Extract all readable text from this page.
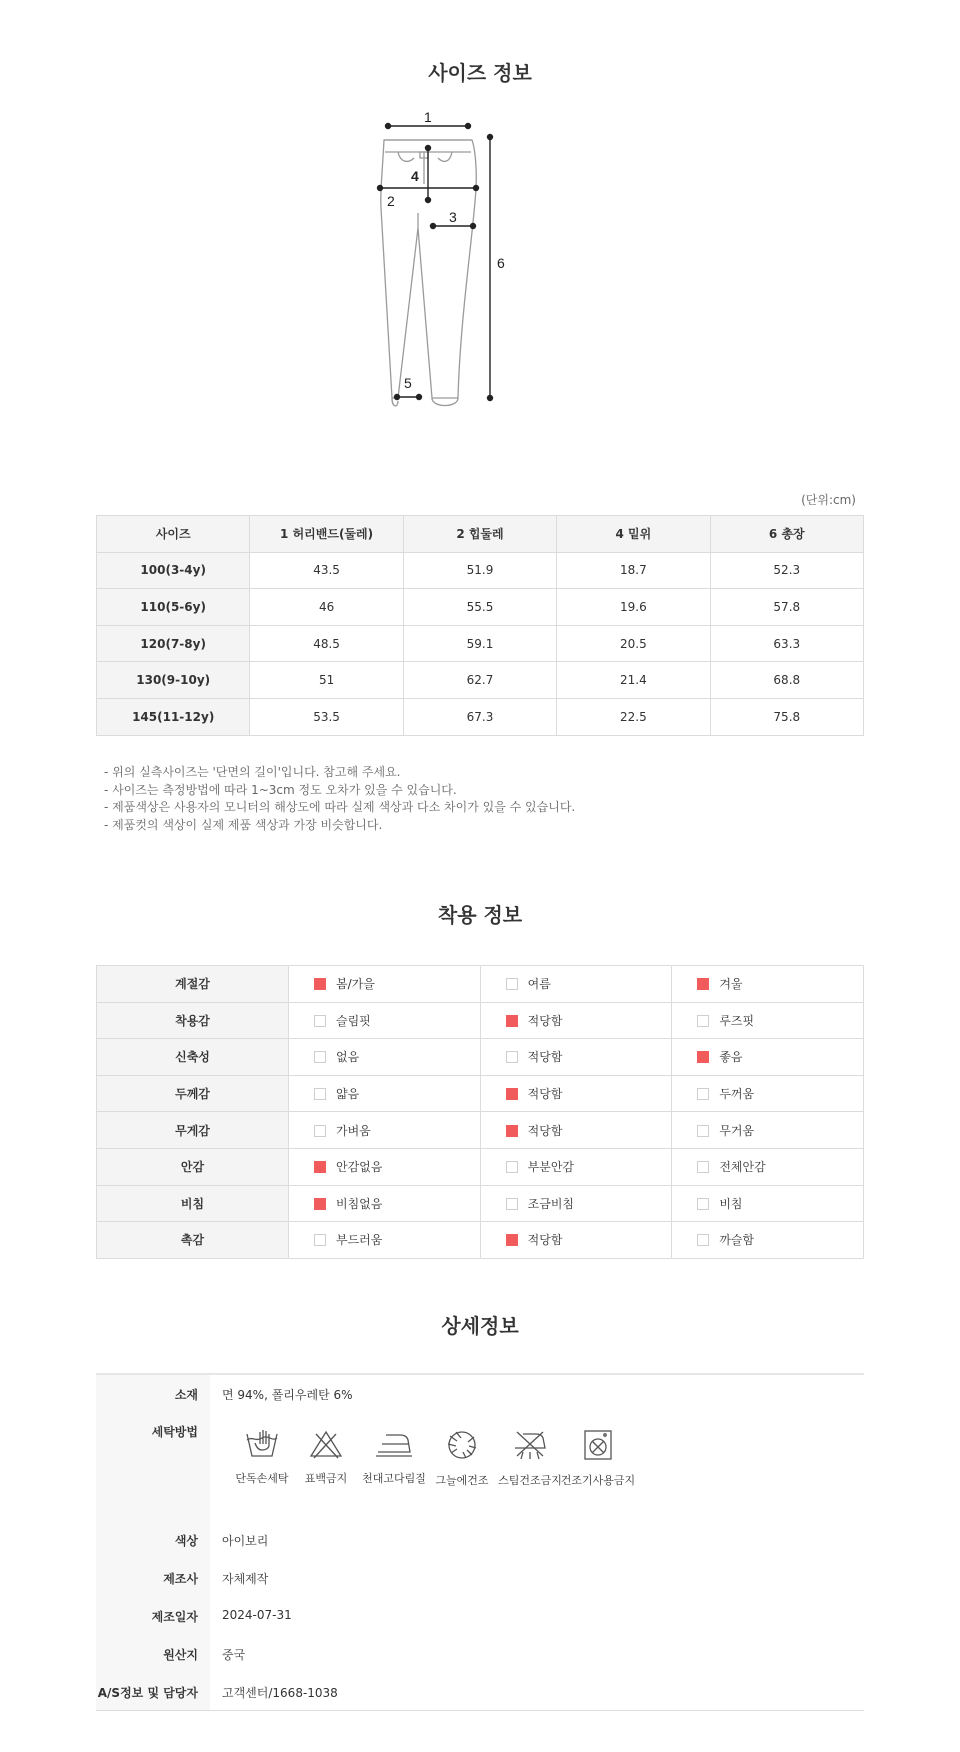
사이즈 정보
1
2
3
4
5
6
(단위:cm)
사이즈	1 허리밴드(둘레)	2 힙둘레	4 밑위	6 총장
100(3-4y)	43.5	51.9	18.7	52.3
110(5-6y)	46	55.5	19.6	57.8
120(7-8y)	48.5	59.1	20.5	63.3
130(9-10y)	51	62.7	21.4	68.8
145(11-12y)	53.5	67.3	22.5	75.8
- 위의 실측사이즈는 '단면의 길이'입니다. 참고해 주세요.
- 사이즈는 측정방법에 따라 1~3cm 정도 오차가 있을 수 있습니다.
- 제품색상은 사용자의 모니터의 해상도에 따라 실제 색상과 다소 차이가 있을 수 있습니다.
- 제품컷의 색상이 실제 제품 색상과 가장 비슷합니다.
착용 정보
계절감	봄/가을	여름	겨울
착용감	슬림핏	적당함	루즈핏
신축성	없음	적당함	좋음
두께감	얇음	적당함	두꺼움
무게감	가벼움	적당함	무거움
안감	안감없음	부분안감	전체안감
비침	비침없음	조금비침	비침
촉감	부드러움	적당함	까슬함
상세정보
소재 면 94%, 폴리우레탄 6%
세탁방법
단독손세탁	표백금지	천대고다림질 그늘에건조 스팀건조금지
건조기사용금지
색상 아이보리
제조사 자체제작
제조일자 2024-07-31
원산지 중국
A/S정보 및 담당자 고객센터/1668-1038
